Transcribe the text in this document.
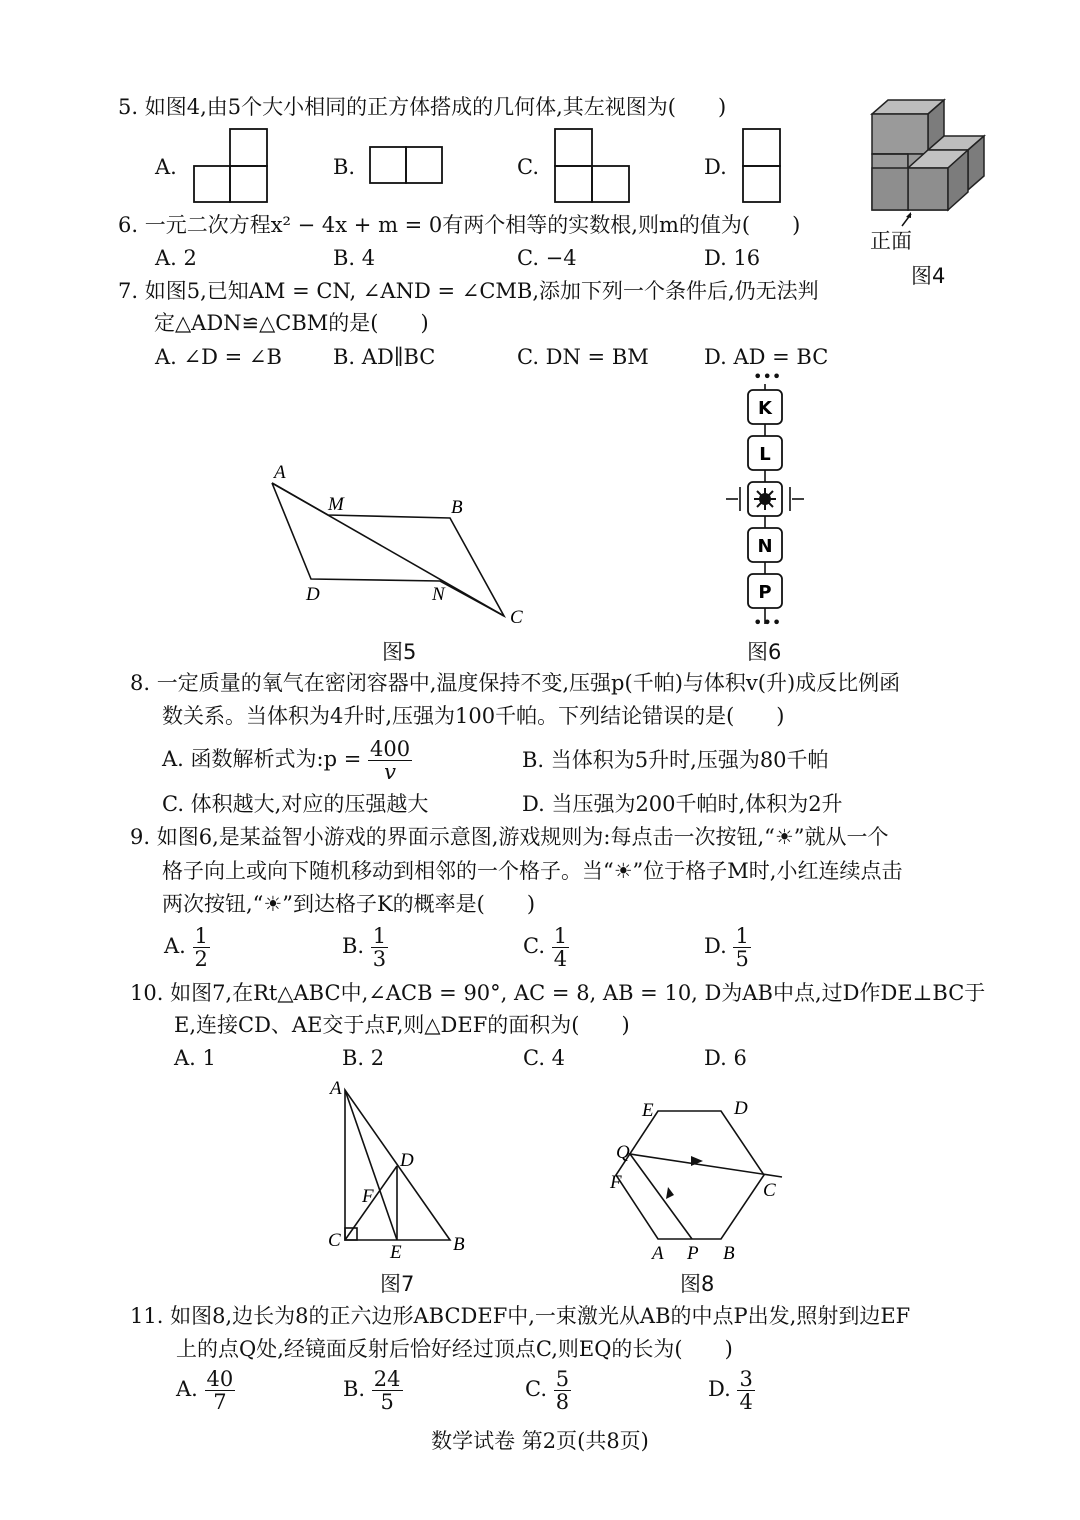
5. 如图4,由5个大小相同的正方体搭成的几何体,其左视图为(　　)
A.	B.	C.	D.
正面
图4
6. 一元二次方程x² − 4x + m = 0有两个相等的实数根,则m的值为(　　)
A. 2	B. 4	C. −4	D. 16
7. 如图5,已知AM = CN, ∠AND = ∠CMB,添加下列一个条件后,仍无法判
定△ADN≌△CBM的是(　　)
A. ∠D = ∠B B. AD∥BC	C. DN = BM	D. AD = BC
A
M	B
D	N
C
图5
•••
K
L
N
P
•••
图6
8. 一定质量的氧气在密闭容器中,温度保持不变,压强p(千帕)与体积v(升)成反比例函
数关系。当体积为4升时,压强为100千帕。下列结论错误的是(　　)
A. 函数解析式为:p = $\frac{400}{v}$	B. 当体积为5升时,压强为80千帕
C. 体积越大,对应的压强越大	D. 当压强为200千帕时,体积为2升
9. 如图6,是某益智小游戏的界面示意图,游戏规则为:每点击一次按钮,“☀”就从一个
格子向上或向下随机移动到相邻的一个格子。当“☀”位于格子M时,小红连续点击
两次按钮,“☀”到达格子K的概率是(　　)
A. $\frac{1}{2}$	B. $\frac{1}{3}$	C. $\frac{1}{4}$	D. $\frac{1}{5}$
10. 如图7,在Rt△ABC中,∠ACB = 90°, AC = 8, AB = 10, D为AB中点,过D作DE⊥BC于
E,连接CD、AE交于点F,则△DEF的面积为(　　)
A. 1	B. 2	C. 4	D. 6
A
D
F
C
E	B
图7
E	D
Q
F	C
A P B
图8
11. 如图8,边长为8的正六边形ABCDEF中,一束激光从AB的中点P出发,照射到边EF
上的点Q处,经镜面反射后恰好经过顶点C,则EQ的长为(　　)
A. $\frac{40}{7}$	B. $\frac{24}{5}$	C. $\frac{5}{8}$	D. $\frac{3}{4}$
数学试卷 第2页(共8页)
